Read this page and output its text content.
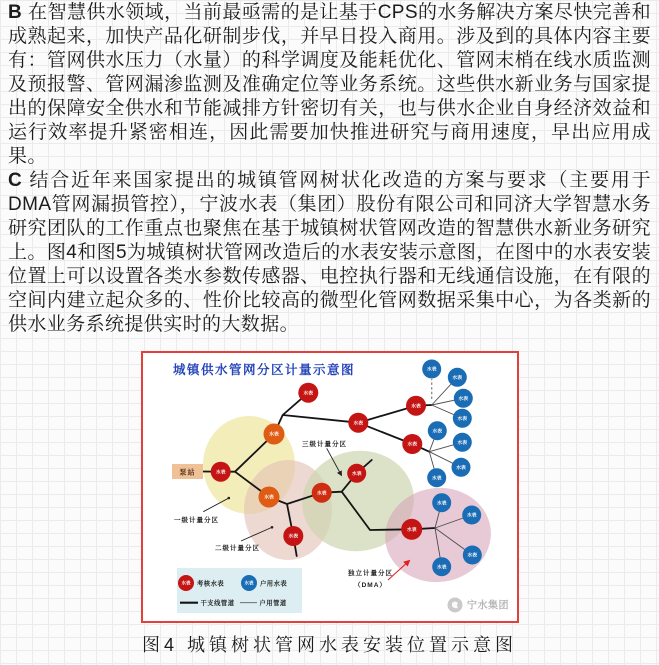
B 在智慧供水领域，当前最亟需的是让基于CPS的水务解决方案尽快完善和成熟起来，加快产品化研制步伐，并早日投入商用。涉及到的具体内容主要有：管网供水压力（水量）的科学调度及能耗优化、管网末梢在线水质监测及预报警、管网漏渗监测及准确定位等业务系统。这些供水新业务与国家提出的保障安全供水和节能减排方针密切有关，也与供水企业自身经济效益和运行效率提升紧密相连，因此需要加快推进研究与商用速度，早出应用成果。

C 结合近年来国家提出的城镇管网树状化改造的方案与要求（主要用于DMA管网漏损管控），宁波水表（集团）股份有限公司和同济大学智慧水务研究团队的工作重点也聚焦在基于城镇树状管网改造的智慧供水新业务研究上。图4和图5为城镇树状管网改造后的水表安装示意图，在图中的水表安装位置上可以设置各类水参数传感器、电控执行器和无线通信设施，在有限的空间内建立起众多的、性价比较高的微型化管网数据采集中心，为各类新的供水业务系统提供实时的大数据。

泵站	水表
水表
水表
水表
水表
水表
水表
水表
水表
水表
水表
水表
水表
水表
水表
水表
水表
水表
水表
水表
水表
水表
水表
城镇供水管网分区计量示意图
三级计量分区
一级计量分区
二级计量分区
独立计量分区
（DMA）
水表 考核水表	水表 户用水表
干支线管道	户用管道	宁水集团
图4 城镇树状管网水表安装位置示意图
